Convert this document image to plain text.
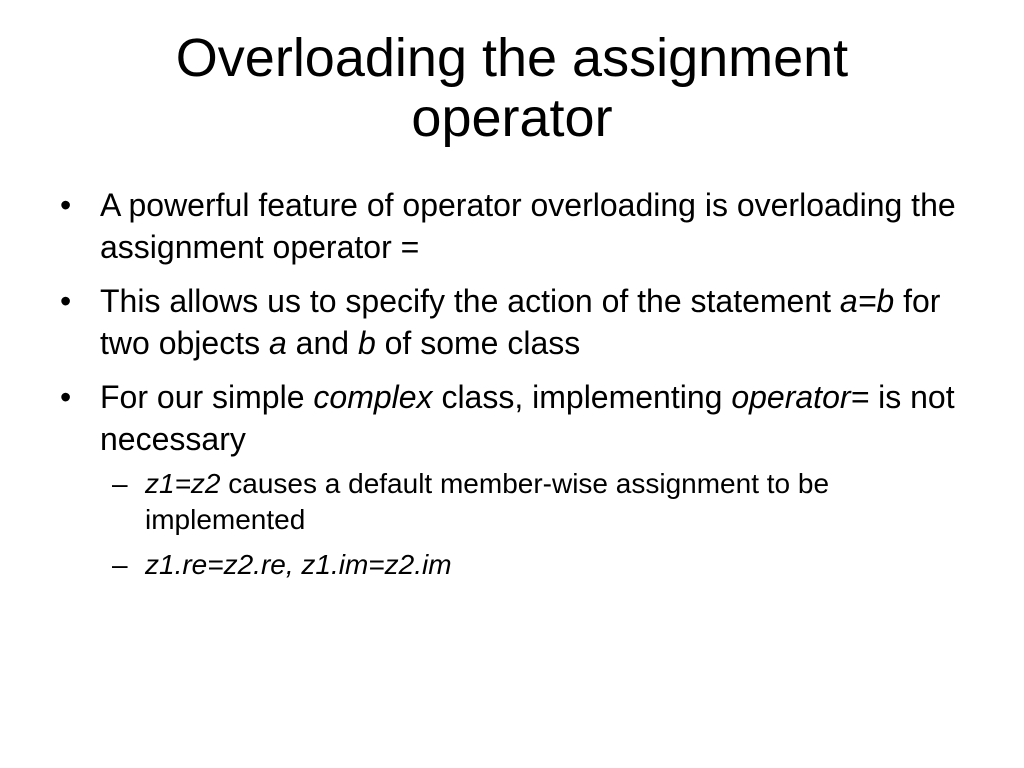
Overloading the assignment
operator
• A powerful feature of operator overloading is overloading the assignment operator =
• This allows us to specify the action of the statement a=b for two objects a and b of some class
• For our simple complex class, implementing operator= is not necessary
– z1=z2 causes a default member-wise assignment to be implemented
– z1.re=z2.re, z1.im=z2.im
